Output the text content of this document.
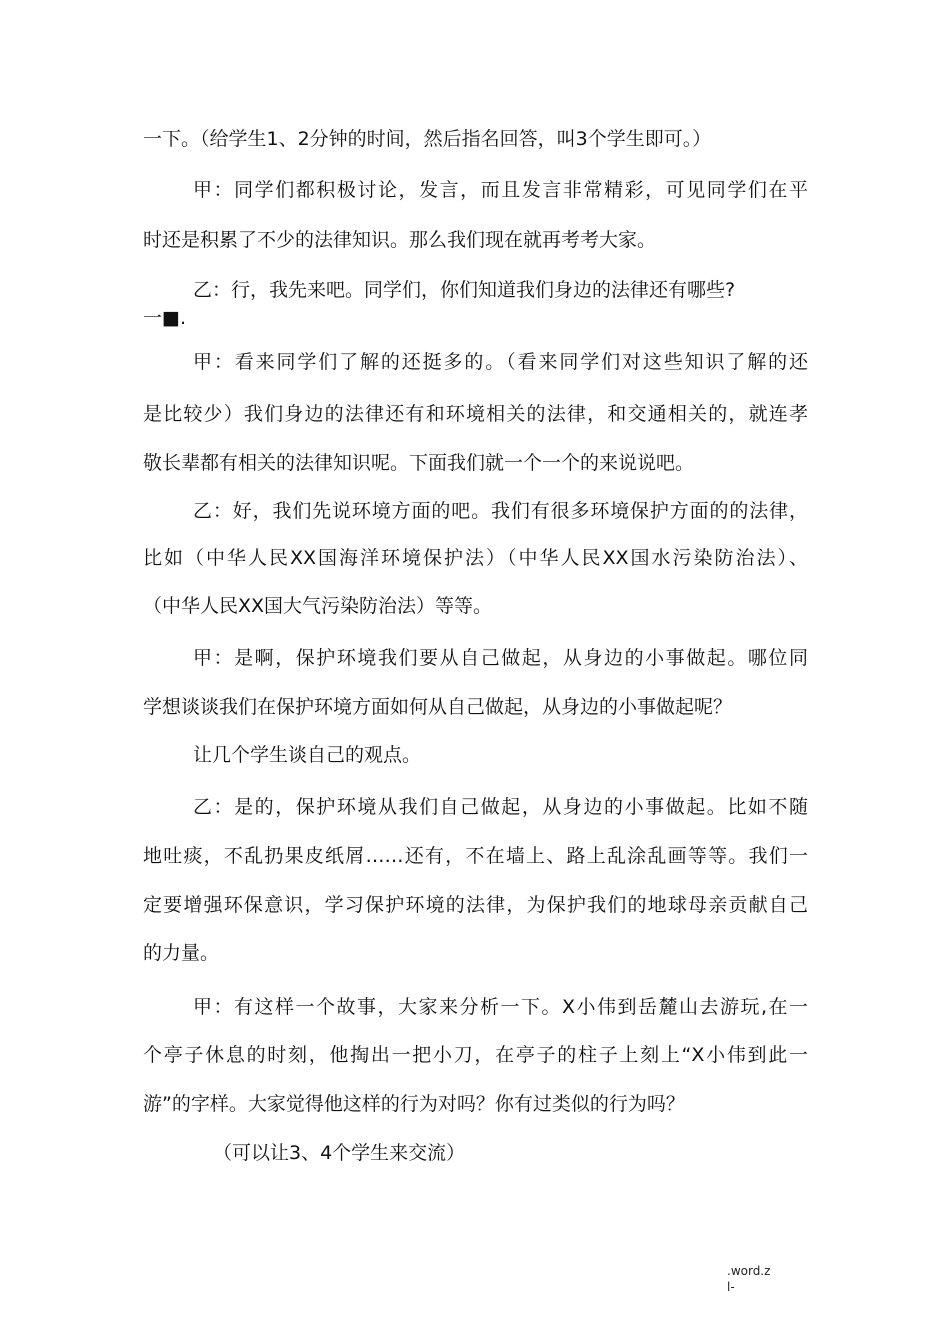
一下。（给学生1、2分钟的时间，然后指名回答，叫3个学生即可。）
甲：同学们都积极讨论，发言，而且发言非常精彩，可见同学们在平
时还是积累了不少的法律知识。那么我们现在就再考考大家。
乙：行，我先来吧。同学们，你们知道我们身边的法律还有哪些?
一■.
甲：看来同学们了解的还挺多的。（看来同学们对这些知识了解的还
是比较少）我们身边的法律还有和环境相关的法律，和交通相关的，就连孝
敬长辈都有相关的法律知识呢。下面我们就一个一个的来说说吧。
乙：好，我们先说环境方面的吧。我们有很多环境保护方面的的法律，
比如（中华人民XX国海洋环境保护法）（中华人民XX国水污染防治法）、
（中华人民XX国大气污染防治法）等等。
甲：是啊，保护环境我们要从自己做起，从身边的小事做起。哪位同
学想谈谈我们在保护环境方面如何从自己做起，从身边的小事做起呢？
让几个学生谈自己的观点。
乙：是的，保护环境从我们自己做起，从身边的小事做起。比如不随
地吐痰，不乱扔果皮纸屑……还有，不在墙上、路上乱涂乱画等等。我们一
定要增强环保意识，学习保护环境的法律，为保护我们的地球母亲贡献自己
的力量。
甲：有这样一个故事，大家来分析一下。X小伟到岳麓山去游玩,在一
个亭子休息的时刻，他掏出一把小刀，在亭子的柱子上刻上“X小伟到此一
游”的字样。大家觉得他这样的行为对吗？你有过类似的行为吗？
（可以让3、4个学生来交流）
.word.z
l-
